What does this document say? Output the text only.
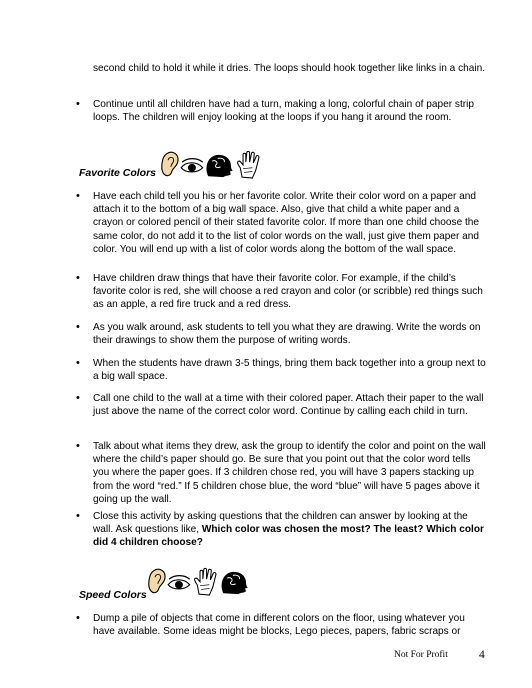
second child to hold it while it dries. The loops should hook together like links in a chain.

• Continue until all children have had a turn, making a long, colorful chain of paper strip loops. The children will enjoy looking at the loops if you hang it around the room.

Favorite Colors
• Have each child tell you his or her favorite color. Write their color word on a paper and attach it to the bottom of a big wall space. Also, give that child a white paper and a crayon or colored pencil of their stated favorite color. If more than one child choose the same color, do not add it to the list of color words on the wall, just give them paper and color. You will end up with a list of color words along the bottom of the wall space.

• Have children draw things that have their favorite color. For example, if the child’s favorite color is red, she will choose a red crayon and color (or scribble) red things such as an apple, a red fire truck and a red dress.

• As you walk around, ask students to tell you what they are drawing. Write the words on their drawings to show them the purpose of writing words.

• When the students have drawn 3-5 things, bring them back together into a group next to a big wall space.

• Call one child to the wall at a time with their colored paper. Attach their paper to the wall just above the name of the correct color word. Continue by calling each child in turn.

• Talk about what items they drew, ask the group to identify the color and point on the wall where the child’s paper should go. Be sure that you point out that the color word tells you where the paper goes. If 3 children chose red, you will have 3 papers stacking up from the word “red.” If 5 children chose blue, the word “blue” will have 5 pages above it going up the wall.

• Close this activity by asking questions that the children can answer by looking at the wall. Ask questions like, Which color was chosen the most? The least? Which color did 4 children choose?

Speed Colors
• Dump a pile of objects that come in different colors on the floor, using whatever you have available. Some ideas might be blocks, Lego pieces, papers, fabric scraps or

Not For Profit	4
